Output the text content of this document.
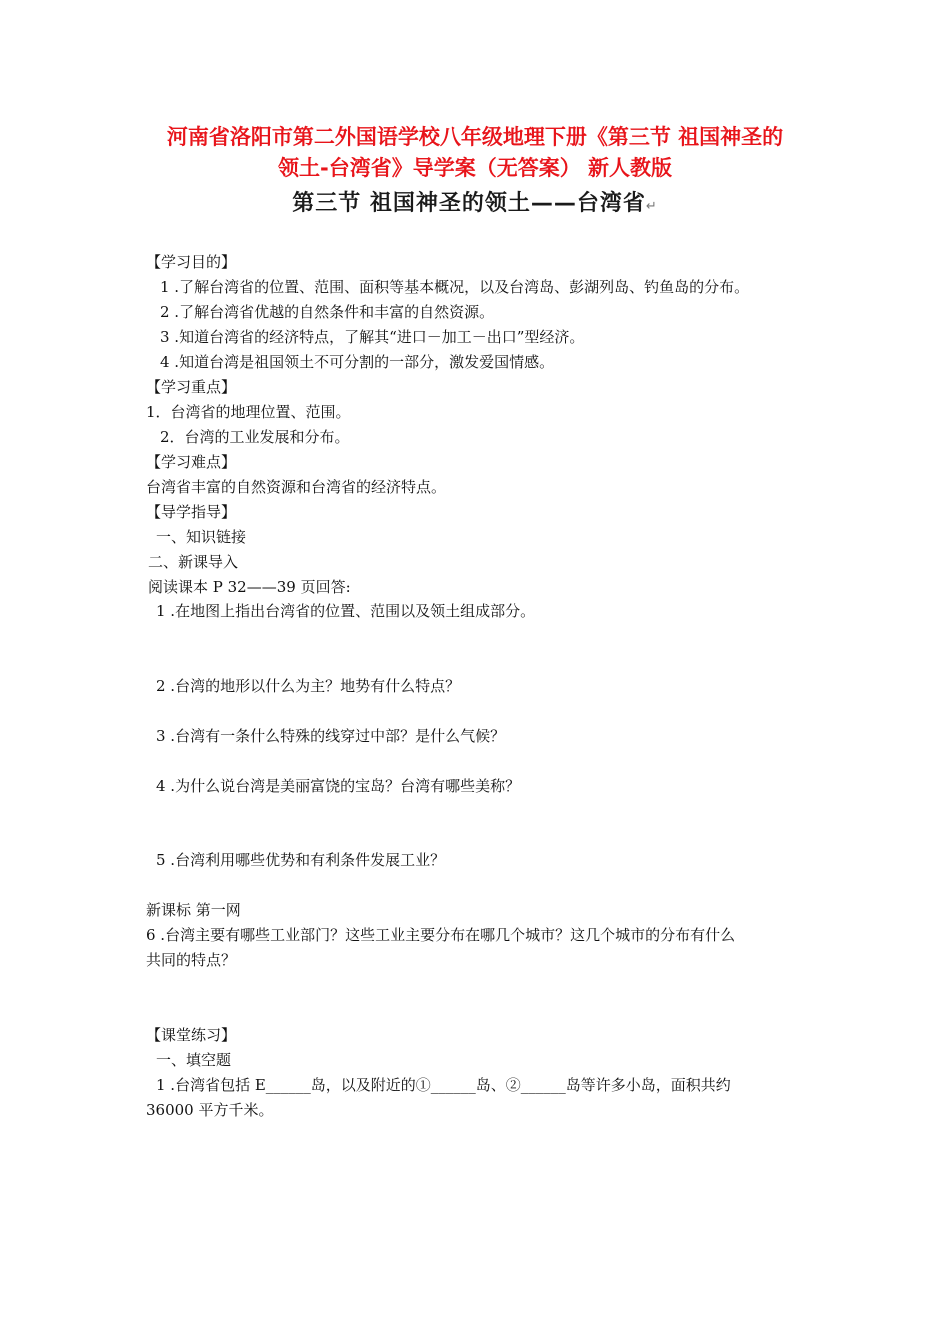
河南省洛阳市第二外国语学校八年级地理下册《第三节 祖国神圣的
领土-台湾省》导学案（无答案） 新人教版
第三节 祖国神圣的领土——台湾省↵
【学习目的】
1 .了解台湾省的位置、范围、面积等基本概况，以及台湾岛、彭湖列岛、钓鱼岛的分布。
2 .了解台湾省优越的自然条件和丰富的自然资源。
3 .知道台湾省的经济特点，了解其“进口－加工－出口”型经济。
4 .知道台湾是祖国领土不可分割的一部分，激发爱国情感。
【学习重点】
1．台湾省的地理位置、范围。
2．台湾的工业发展和分布。
【学习难点】
台湾省丰富的自然资源和台湾省的经济特点。
【导学指导】
一、知识链接
二、新课导入
阅读课本 P 32——39 页回答:
1 .在地图上指出台湾省的位置、范围以及领土组成部分。
2 .台湾的地形以什么为主？地势有什么特点？
3 .台湾有一条什么特殊的线穿过中部？是什么气候？
4 .为什么说台湾是美丽富饶的宝岛？台湾有哪些美称？
5 .台湾利用哪些优势和有利条件发展工业？
新课标 第一网
6 .台湾主要有哪些工业部门？这些工业主要分布在哪几个城市？这几个城市的分布有什么
共同的特点？
【课堂练习】
一、填空题
1 .台湾省包括 E______岛，以及附近的①______岛、②______岛等许多小岛，面积共约
36000 平方千米。
